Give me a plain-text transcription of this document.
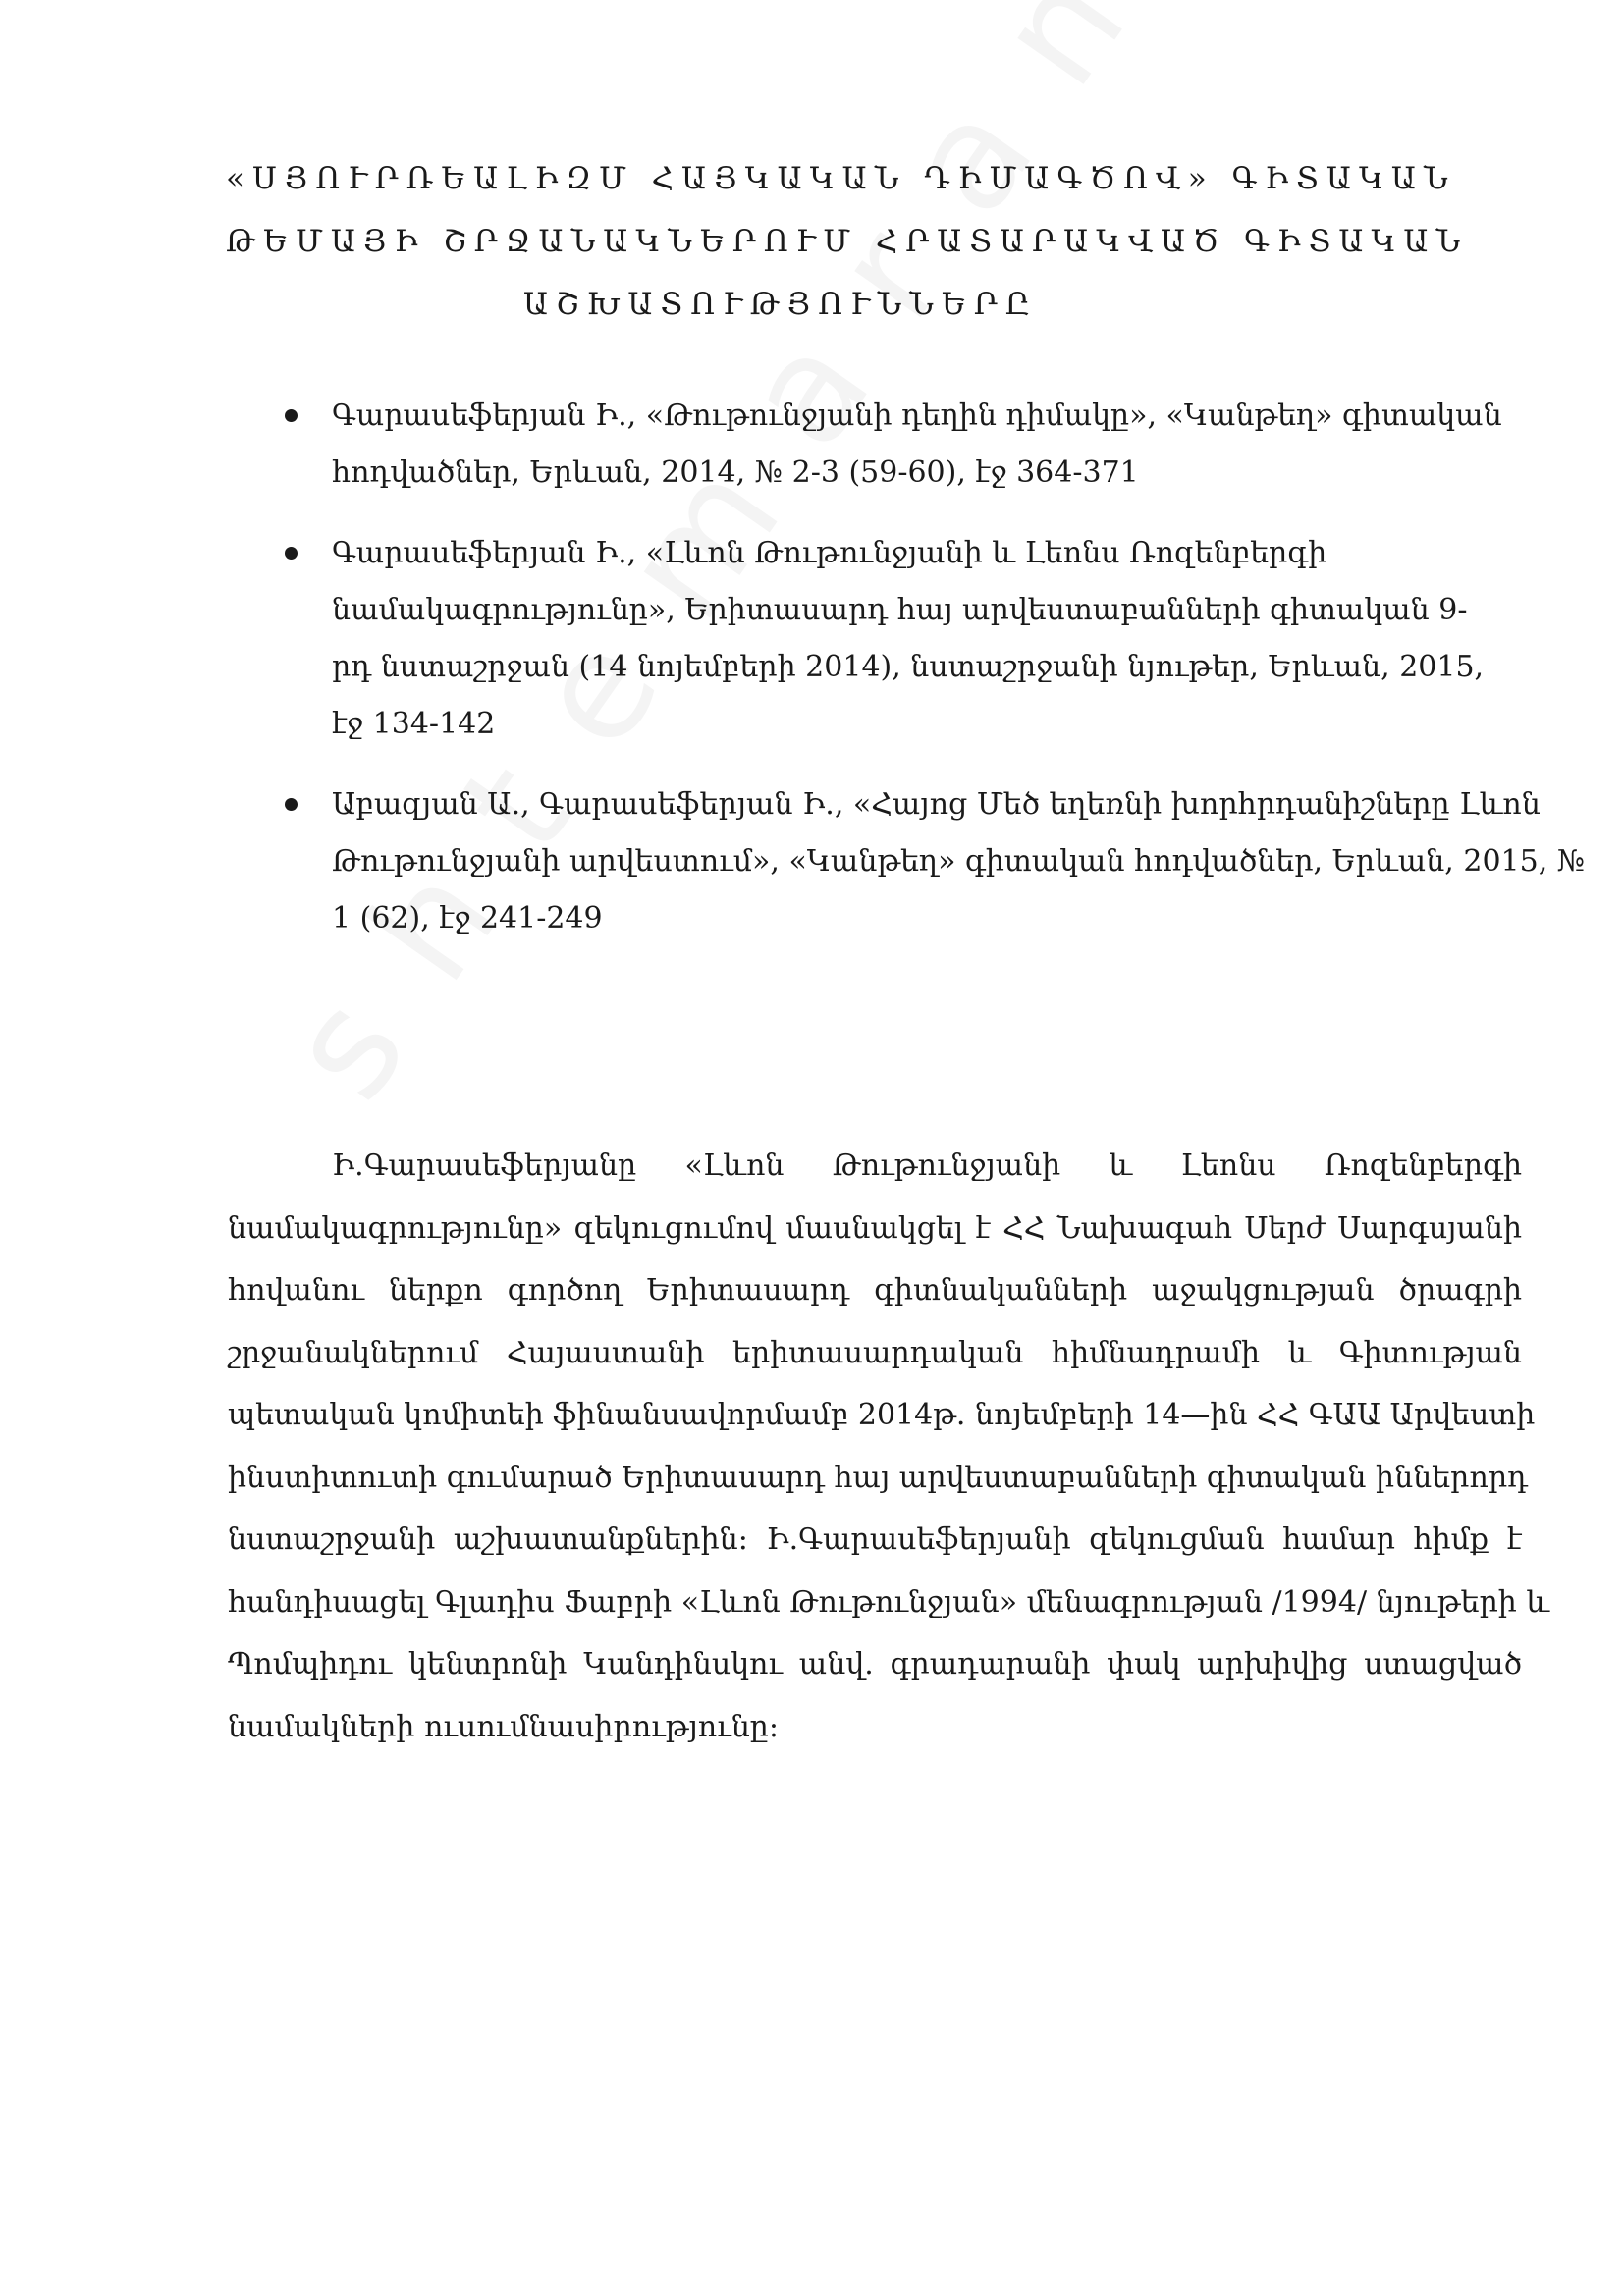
«ՍՅՈՒՐՌԵԱԼԻԶՄ ՀԱՅԿԱԿԱՆ ԴԻՄԱԳԾՈՎ» ԳԻՏԱԿԱՆ
ԹԵՄԱՅԻ ՇՐՋԱՆԱԿՆԵՐՈՒՄ ՀՐԱՏԱՐԱԿՎԱԾ ԳԻՏԱԿԱՆ
ԱՇԽԱՏՈՒԹՅՈՒՆՆԵՐԸ
Գարասեֆերյան Ի., «Թութունջյանի դեղին դիմակը», «Կանթեղ» գիտական
հոդվածներ, Երևան, 2014, № 2-3 (59-60), էջ 364-371
Գարասեֆերյան Ի., «Լևոն Թութունջյանի և Լեոնս Ռոզենբերգի
նամակագրությունը», Երիտասարդ հայ արվեստաբանների գիտական 9-
րդ նստաշրջան (14 նոյեմբերի 2014), նստաշրջանի նյութեր, Երևան, 2015,
էջ 134-142
Աբազյան Ա., Գարասեֆերյան Ի., «Հայոց Մեծ եղեռնի խորհրդանիշները Լևոն
Թութունջյանի արվեստում», «Կանթեղ» գիտական հոդվածներ, Երևան, 2015, №
1 (62), էջ 241-249
Ի.Գարասեֆերյանը «Լևոն Թութունջյանի և Լեոնս Ռոզենբերգի
նամակագրությունը» զեկուցումով մասնակցել է ՀՀ Նախագահ Սերժ Սարգսյանի
հովանու ներքո գործող Երիտասարդ գիտնականների աջակցության ծրագրի
շրջանակներում Հայաստանի երիտասարդական հիմնադրամի և Գիտության
պետական կոմիտեի ֆինանսավորմամբ 2014թ. նոյեմբերի 14—ին ՀՀ ԳԱԱ Արվեստի
ինստիտուտի գումարած Երիտասարդ հայ արվեստաբանների գիտական իններորդ
նստաշրջանի աշխատանքներին: Ի.Գարասեֆերյանի զեկուցման համար հիմք է
հանդիսացել Գլադիս Ֆաբրի «Լևոն Թութունջյան» մենագրության /1994/ նյութերի և
Պոմպիդու կենտրոնի Կանդինսկու անվ. գրադարանի փակ արխիվից ստացված
նամակների ուսումնասիրությունը:
